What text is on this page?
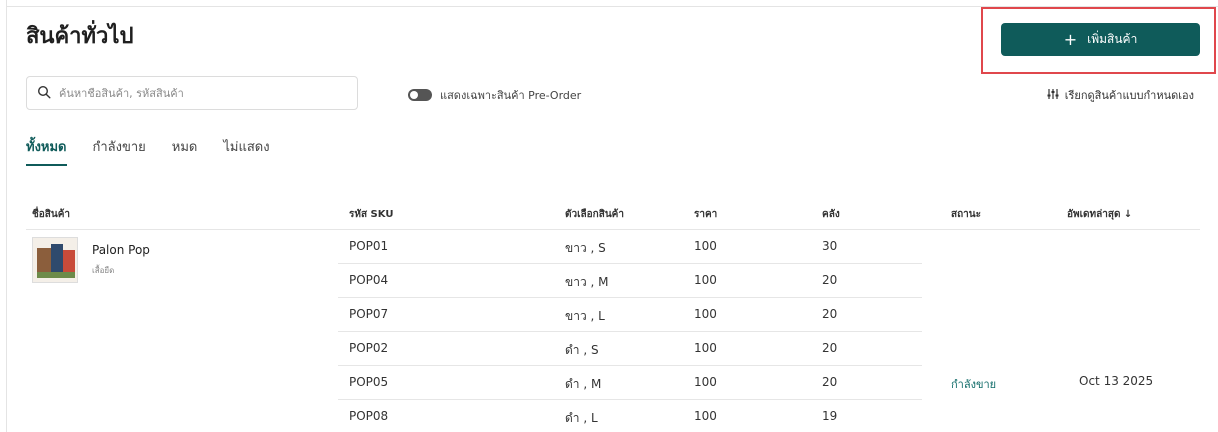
สินค้าทั่วไป	+ เพิ่มสินค้า
ค้นหาชื่อสินค้า, รหัสสินค้า
แสดงเฉพาะสินค้า Pre-Order	เรียกดูสินค้าแบบกำหนดเอง
ทั้งหมด กำลังขาย หมด ไม่แสดง
ชื่อสินค้า	รหัส SKU	ตัวเลือกสินค้า	ราคา	คลัง	สถานะ	อัพเดทล่าสุด ↓
Palon Pop
เสื้อยืด
POP01	ขาว , S	100	30
POP04	ขาว , M	100	20
POP07	ขาว , L	100	20
POP02	ดำ , S	100	20
POP05	ดำ , M	100	20
POP08	ดำ , L	100	19
กำลังขาย	Oct 13 2025
